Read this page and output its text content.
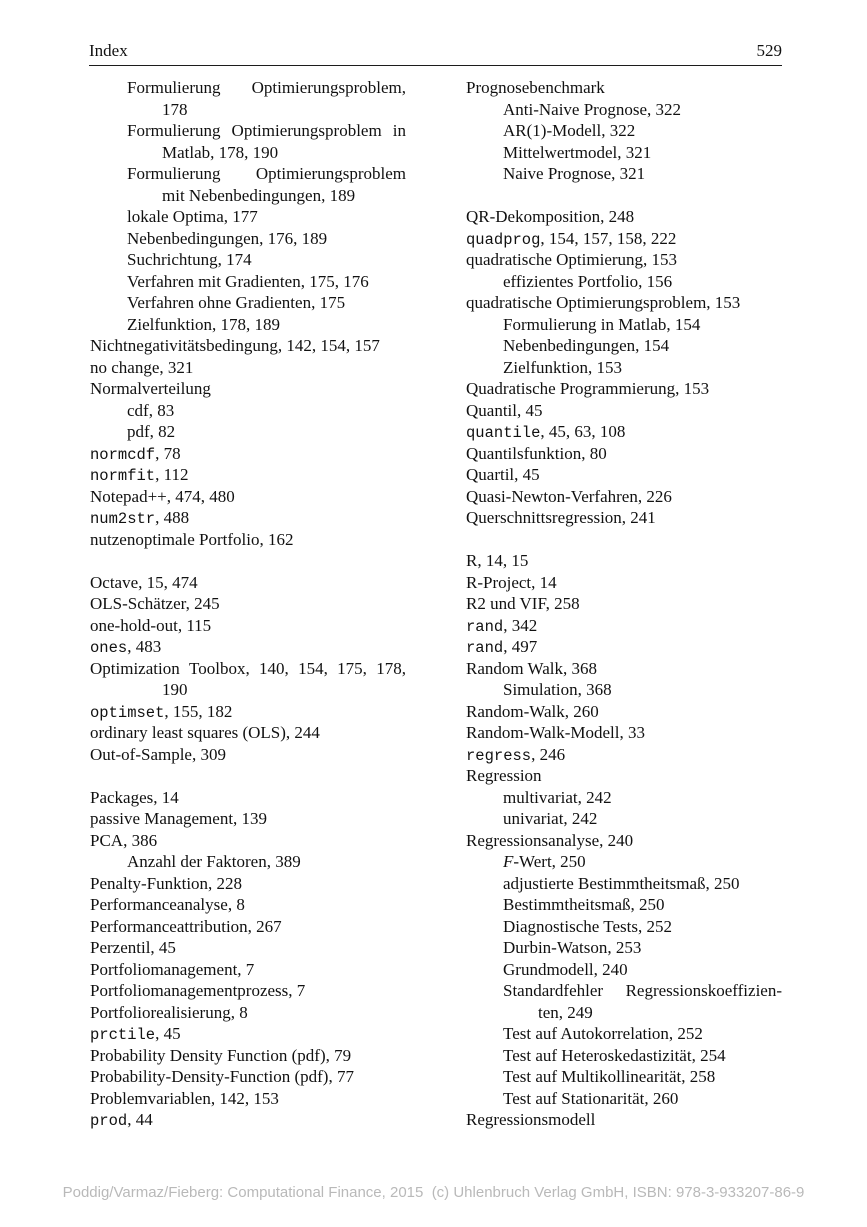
Index	529
Formulierung Optimierungsproblem,
178
Formulierung Optimierungsproblem in
Matlab, 178, 190
Formulierung Optimierungsproblem
mit Nebenbedingungen, 189
lokale Optima, 177
Nebenbedingungen, 176, 189
Suchrichtung, 174
Verfahren mit Gradienten, 175, 176
Verfahren ohne Gradienten, 175
Zielfunktion, 178, 189
Nichtnegativitätsbedingung, 142, 154, 157
no change, 321
Normalverteilung
cdf, 83
pdf, 82
normcdf, 78
normfit, 112
Notepad++, 474, 480
num2str, 488
nutzenoptimale Portfolio, 162
Octave, 15, 474
OLS-Schätzer, 245
one-hold-out, 115
ones, 483
Optimization Toolbox, 140, 154, 175, 178,
190
optimset, 155, 182
ordinary least squares (OLS), 244
Out-of-Sample, 309
Packages, 14
passive Management, 139
PCA, 386
Anzahl der Faktoren, 389
Penalty-Funktion, 228
Performanceanalyse, 8
Performanceattribution, 267
Perzentil, 45
Portfoliomanagement, 7
Portfoliomanagementprozess, 7
Portfoliorealisierung, 8
prctile, 45
Probability Density Function (pdf), 79
Probability-Density-Function (pdf), 77
Problemvariablen, 142, 153
prod, 44
Prognosebenchmark
Anti-Naive Prognose, 322
AR(1)-Modell, 322
Mittelwertmodel, 321
Naive Prognose, 321
QR-Dekomposition, 248
quadprog, 154, 157, 158, 222
quadratische Optimierung, 153
effizientes Portfolio, 156
quadratische Optimierungsproblem, 153
Formulierung in Matlab, 154
Nebenbedingungen, 154
Zielfunktion, 153
Quadratische Programmierung, 153
Quantil, 45
quantile, 45, 63, 108
Quantilsfunktion, 80
Quartil, 45
Quasi-Newton-Verfahren, 226
Querschnittsregression, 241
R, 14, 15
R-Project, 14
R2 und VIF, 258
rand, 342
rand, 497
Random Walk, 368
Simulation, 368
Random-Walk, 260
Random-Walk-Modell, 33
regress, 246
Regression
multivariat, 242
univariat, 242
Regressionsanalyse, 240
F-Wert, 250
adjustierte Bestimmtheitsmaß, 250
Bestimmtheitsmaß, 250
Diagnostische Tests, 252
Durbin-Watson, 253
Grundmodell, 240
Standardfehler Regressionskoeffizien-
ten, 249
Test auf Autokorrelation, 252
Test auf Heteroskedastizität, 254
Test auf Multikollinearität, 258
Test auf Stationarität, 260
Regressionsmodell
Poddig/Varmaz/Fieberg: Computational Finance, 2015  (c) Uhlenbruch Verlag GmbH, ISBN: 978-3-933207-86-9
